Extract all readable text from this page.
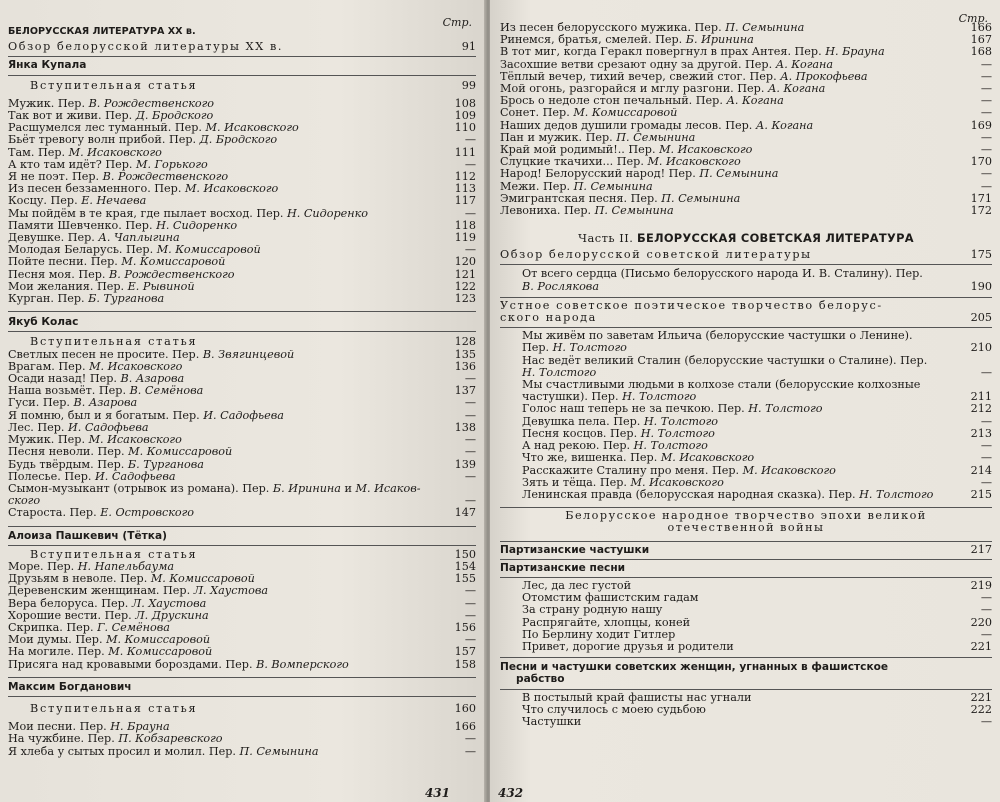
Стр.
БЕЛОРУССКАЯ ЛИТЕРАТУРА XX в.
Обзор белорусской литературы XX в.	91
Янка Купала
Вступительная статья	99
Мужик. Пер. В. Рождественского	108
Так вот и живи. Пер. Д. Бродского	109
Расшумелся лес туманный. Пер. М. Исаковского	110
Бьёт тревогу волн прибой. Пер. Д. Бродского	—
Там. Пер. М. Исаковского	111
А кто там идёт? Пер. М. Горького	—
Я не поэт. Пер. В. Рождественского	112
Из песен беззаменного. Пер. М. Исаковского	113
Косцу. Пер. Е. Нечаева	117
Мы пойдём в те края, где пылает восход. Пер. Н. Сидоренко	—
Памяти Шевченко. Пер. Н. Сидоренко	118
Девушке. Пер. А. Чаплыгина	119
Молодая Беларусь. Пер. М. Комиссаровой	—
Пойте песни. Пер. М. Комиссаровой	120
Песня моя. Пер. В. Рождественского	121
Мои желания. Пер. Е. Рывиной	122
Курган. Пер. Б. Турганова	123
Якуб Колас
Вступительная статья	128
Светлых песен не просите. Пер. В. Звягинцевой	135
Врагам. Пер. М. Исаковского	136
Осади назад! Пер. В. Азарова	—
Наша возьмёт. Пер. В. Семёнова	137
Гуси. Пер. В. Азарова	—
Я помню, был и я богатым. Пер. И. Садофьева	—
Лес. Пер. И. Садофьева	138
Мужик. Пер. М. Исаковского	—
Песня неволи. Пер. М. Комиссаровой	—
Будь твёрдым. Пер. Б. Турганова	139
Полесье. Пер. И. Садофьева	—
Сымон-музыкант (отрывок из романа). Пер. Б. Иринина и М. Исаков-
ского	—
Староста. Пер. Е. Островского	147
Алоиза Пашкевич (Тётка)
Вступительная статья	150
Море. Пер. Н. Напельбаума	154
Друзьям в неволе. Пер. М. Комиссаровой	155
Деревенским женщинам. Пер. Л. Хаустова	—
Вера белоруса. Пер. Л. Хаустова	—
Хорошие вести. Пер. Л. Друскина	—
Скрипка. Пер. Г. Семёнова	156
Мои думы. Пер. М. Комиссаровой	—
На могиле. Пер. М. Комиссаровой	157
Присяга над кровавыми бороздами. Пер. В. Вомперского	158
Максим Богданович
Вступительная статья	160
Мои песни. Пер. Н. Брауна	166
На чужбине. Пер. П. Кобзаревского	—
Я хлеба у сытых просил и молил. Пер. П. Семынина	—
431
Стр.
Из песен белорусского мужика. Пер. П. Семынина	166
Ринемся, братья, смелей. Пер. Б. Иринина	167
В тот миг, когда Геракл повергнул в прах Антея. Пер. Н. Брауна	168
Засохшие ветви срезают одну за другой. Пер. А. Когана	—
Тёплый вечер, тихий вечер, свежий стог. Пер. А. Прокофьева	—
Мой огонь, разгорайся и мглу разгони. Пер. А. Когана	—
Брось о недоле стон печальный. Пер. А. Когана	—
Сонет. Пер. М. Комиссаровой	—
Наших дедов душили громады лесов. Пер. А. Когана	169
Пан и мужик. Пер. П. Семынина	—
Край мой родимый!.. Пер. М. Исаковского	—
Слуцкие ткачихи... Пер. М. Исаковского	170
Народ! Белорусский народ! Пер. П. Семынина	—
Межи. Пер. П. Семынина	—
Эмигрантская песня. Пер. П. Семынина	171
Левониха. Пер. П. Семынина	172
Часть II. БЕЛОРУССКАЯ СОВЕТСКАЯ ЛИТЕРАТУРА
Обзор белорусской советской литературы	175
От всего сердца (Письмо белорусского народа И. В. Сталину). Пер.
В. Рослякова	190
Устное советское поэтическое творчество белорус-
ского народа	205
Мы живём по заветам Ильича (белорусские частушки о Ленине).
Пер. Н. Толстого	210
Нас ведёт великий Сталин (белорусские частушки о Сталине). Пер.
Н. Толстого	—
Мы счастливыми людьми в колхозе стали (белорусские колхозные
частушки). Пер. Н. Толстого	211
Голос наш теперь не за печкою. Пер. Н. Толстого	212
Девушка пела. Пер. Н. Толстого	—
Песня косцов. Пер. Н. Толстого	213
А над рекою. Пер. Н. Толстого	—
Что же, вишенка. Пер. М. Исаковского	—
Расскажите Сталину про меня. Пер. М. Исаковского	214
Зять и тёща. Пер. М. Исаковского	—
Ленинская правда (белорусская народная сказка). Пер. Н. Толстого	215
Белорусское народное творчество эпохи великой
отечественной войны
Партизанские частушки	217
Партизанские песни
Лес, да лес густой	219
Отомстим фашистским гадам	—
За страну родную нашу	—
Распрягайте, хлопцы, коней	220
По Берлину ходит Гитлер	—
Привет, дорогие друзья и родители	221
Песни и частушки советских женщин, угнанных в фашистское
рабство
В постылый край фашисты нас угнали	221
Что случилось с моею судьбою	222
Частушки	—
432
